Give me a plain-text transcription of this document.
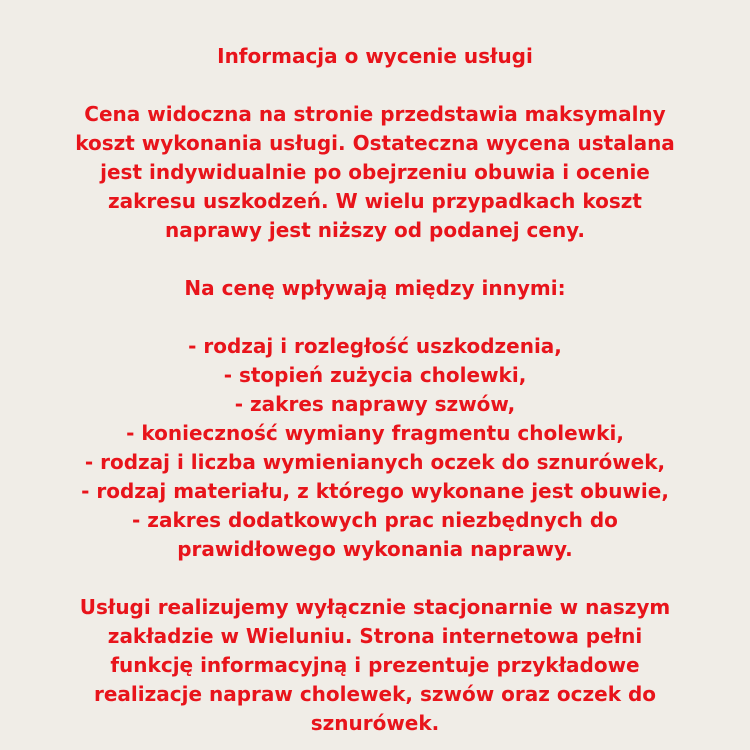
Informacja o wycenie usługi

Cena widoczna na stronie przedstawia maksymalny
koszt wykonania usługi. Ostateczna wycena ustalana
jest indywidualnie po obejrzeniu obuwia i ocenie
zakresu uszkodzeń. W wielu przypadkach koszt
naprawy jest niższy od podanej ceny.

Na cenę wpływają między innymi:

- rodzaj i rozległość uszkodzenia,
- stopień zużycia cholewki,
- zakres naprawy szwów,
- konieczność wymiany fragmentu cholewki,
- rodzaj i liczba wymienianych oczek do sznurówek,
- rodzaj materiału, z którego wykonane jest obuwie,
- zakres dodatkowych prac niezbędnych do
prawidłowego wykonania naprawy.

Usługi realizujemy wyłącznie stacjonarnie w naszym
zakładzie w Wieluniu. Strona internetowa pełni
funkcję informacyjną i prezentuje przykładowe
realizacje napraw cholewek, szwów oraz oczek do
sznurówek.
